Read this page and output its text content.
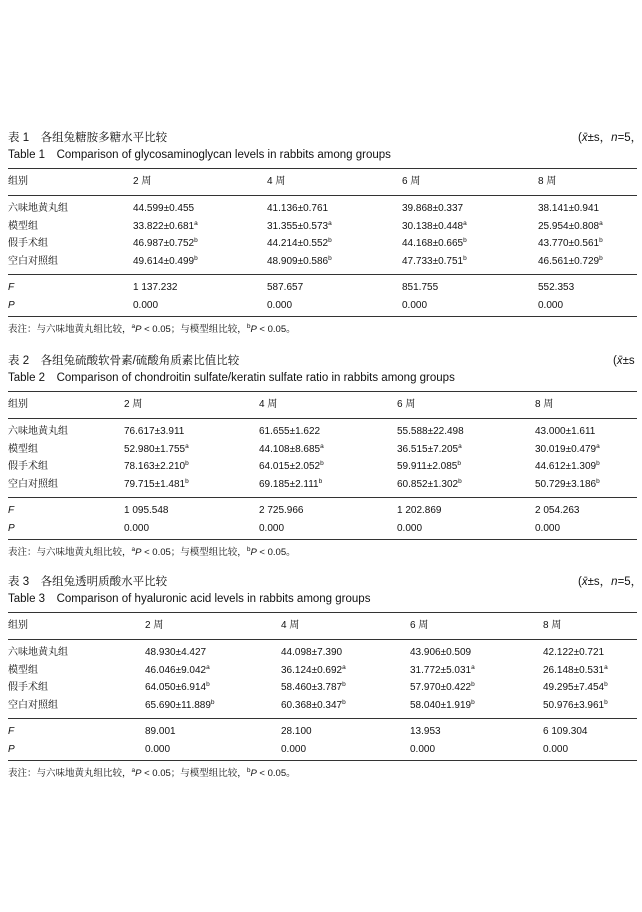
表 1　各组兔糖胺多糖水平比较	(x̄±s，n=5，
Table 1　Comparison of glycosaminoglycan levels in rabbits among groups
组别	2 周	4 周	6 周	8 周
六味地黄丸组	44.599±0.455	41.136±0.761	39.868±0.337	38.141±0.941
模型组	33.822±0.681$^a$	31.355±0.573$^a$	30.138±0.448$^a$	25.954±0.808$^a$
假手术组	46.987±0.752$^b$	44.214±0.552$^b$	44.168±0.665$^b$	43.770±0.561$^b$
空白对照组	49.614±0.499$^b$	48.909±0.586$^b$	47.733±0.751$^b$	46.561±0.729$^b$
F	1 137.232	587.657	851.755	552.353
P	0.000	0.000	0.000	0.000
表注：与六味地黄丸组比较，$^a$P < 0.05；与模型组比较，$^b$P < 0.05。
表 2　各组兔硫酸软骨素/硫酸角质素比值比较	(x̄±s
Table 2　Comparison of chondroitin sulfate/keratin sulfate ratio in rabbits among groups
组别	2 周	4 周	6 周	8 周
六味地黄丸组	76.617±3.911	61.655±1.622	55.588±22.498	43.000±1.611
模型组	52.980±1.755$^a$	44.108±8.685$^a$	36.515±7.205$^a$	30.019±0.479$^a$
假手术组	78.163±2.210$^b$	64.015±2.052$^b$	59.911±2.085$^b$	44.612±1.309$^b$
空白对照组	79.715±1.481$^b$	69.185±2.111$^b$	60.852±1.302$^b$	50.729±3.186$^b$
F	1 095.548	2 725.966	1 202.869	2 054.263
P	0.000	0.000	0.000	0.000
表注：与六味地黄丸组比较，$^a$P < 0.05；与模型组比较，$^b$P < 0.05。
表 3　各组兔透明质酸水平比较	(x̄±s，n=5，
Table 3　Comparison of hyaluronic acid levels in rabbits among groups
组别	2 周	4 周	6 周	8 周
六味地黄丸组	48.930±4.427	44.098±7.390	43.906±0.509	42.122±0.721
模型组	46.046±9.042$^a$	36.124±0.692$^a$	31.772±5.031$^a$	26.148±0.531$^a$
假手术组	64.050±6.914$^b$	58.460±3.787$^b$	57.970±0.422$^b$	49.295±7.454$^b$
空白对照组	65.690±11.889$^b$	60.368±0.347$^b$	58.040±1.919$^b$	50.976±3.961$^b$
F	89.001	28.100	13.953	6 109.304
P	0.000	0.000	0.000	0.000
表注：与六味地黄丸组比较，$^a$P < 0.05；与模型组比较，$^b$P < 0.05。
